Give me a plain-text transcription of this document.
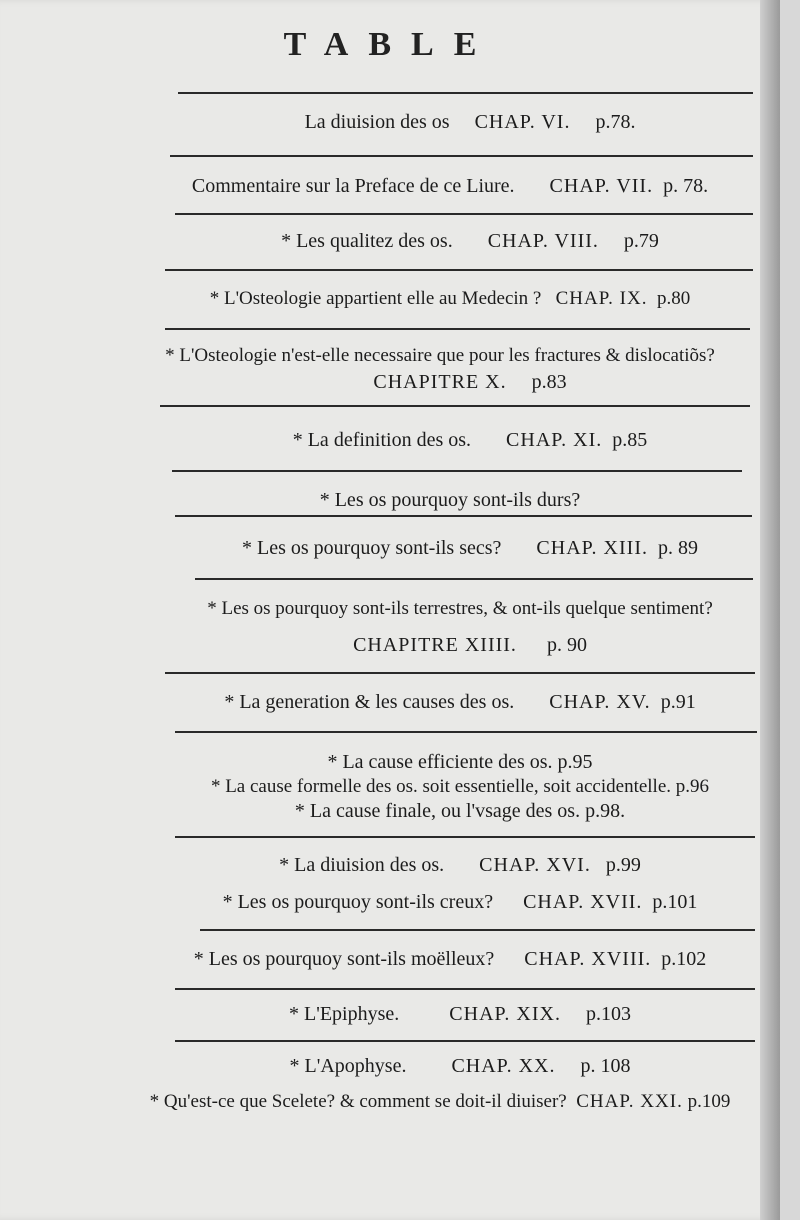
TABLE
La diuision des os CHAP. VI. p.78.
Commentaire sur la Preface de ce Liure. CHAP. VII. p. 78.
* Les qualitez des os. CHAP. VIII. p.79
* L'Osteologie appartient elle au Medecin ? CHAP. IX. p.80
* L'Osteologie n'est-elle necessaire que pour les fractures & dislocatiõs?
CHAPITRE X. p.83
* La definition des os. CHAP. XI. p.85
* Les os pourquoy sont-ils durs?
* Les os pourquoy sont-ils secs? CHAP. XIII. p. 89
* Les os pourquoy sont-ils terrestres, & ont-ils quelque sentiment?
CHAPITRE XIIII. p. 90
* La generation & les causes des os. CHAP. XV. p.91
* La cause efficiente des os. p.95
* La cause formelle des os. soit essentielle, soit accidentelle. p.96
* La cause finale, ou l'vsage des os. p.98.
* La diuision des os. CHAP. XVI. p.99
* Les os pourquoy sont-ils creux? CHAP. XVII. p.101
* Les os pourquoy sont-ils moëlleux? CHAP. XVIII. p.102
* L'Epiphyse.	CHAP. XIX. p.103
* L'Apophyse. CHAP. XX. p. 108
* Qu'est-ce que Scelete? & comment se doit-il diuiser? CHAP. XXI. p.109
